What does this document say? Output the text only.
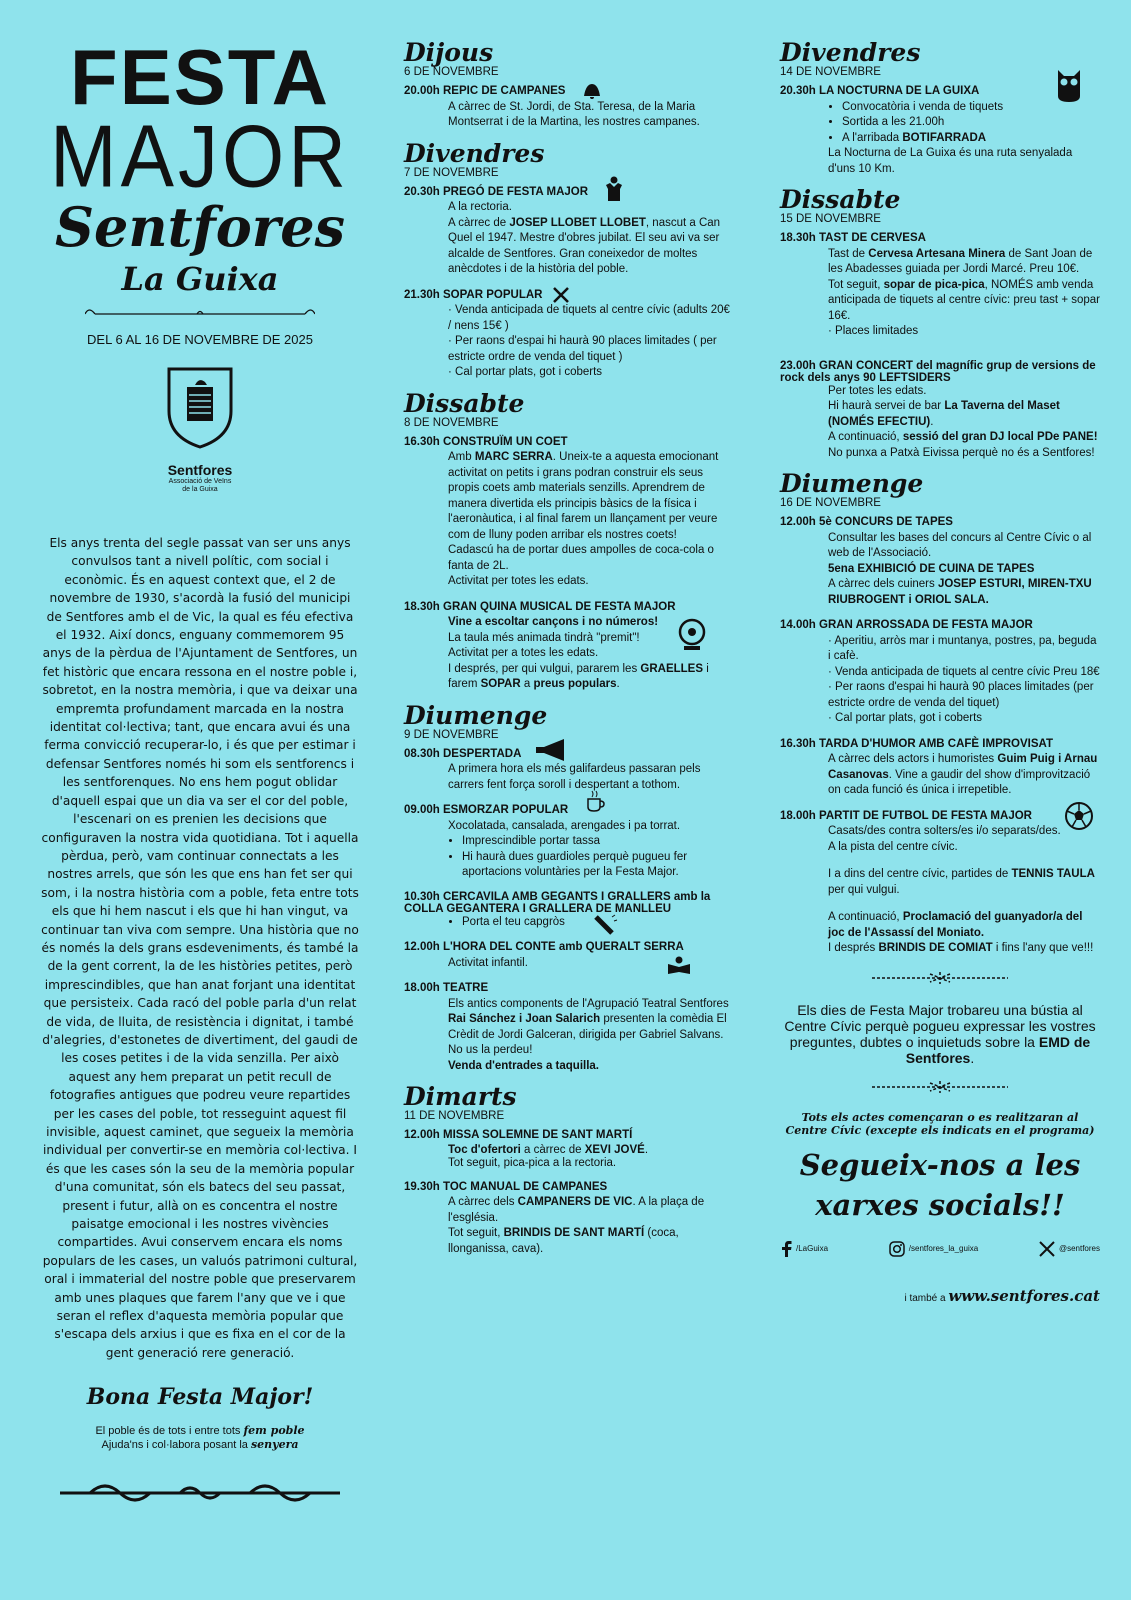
FESTA
MAJOR
Sentfores
La Guixa
DEL 6 AL 16 DE NOVEMBRE DE 2025
Sentfores
Associació de Veïns
de la Guixa
Els anys trenta del segle passat van ser uns anys convulsos tant a nivell polític, com social i econòmic. És en aquest context que, el 2 de novembre de 1930, s'acordà la fusió del municipi de Sentfores amb el de Vic, la qual es féu efectiva el 1932. Així doncs, enguany commemorem 95 anys de la pèrdua de l'Ajuntament de Sentfores, un fet històric que encara ressona en el nostre poble i, sobretot, en la nostra memòria, i que va deixar una empremta profundament marcada en la nostra identitat col·lectiva; tant, que encara avui és una ferma convicció recuperar-lo, i és que per estimar i defensar Sentfores només hi som els sentforencs i les sentforenques. No ens hem pogut oblidar d'aquell espai que un dia va ser el cor del poble, l'escenari on es prenien les decisions que configuraven la nostra vida quotidiana. Tot i aquella pèrdua, però, vam continuar connectats a les nostres arrels, que són les que ens han fet ser qui som, i la nostra història com a poble, feta entre tots els que hi hem nascut i els que hi han vingut, va continuar tan viva com sempre. Una història que no és només la dels grans esdeveniments, és també la de la gent corrent, la de les històries petites, però imprescindibles, que han anat forjant una identitat que persisteix. Cada racó del poble parla d'un relat de vida, de lluita, de resistència i dignitat, i també d'alegries, d'estonetes de divertiment, del gaudi de les coses petites i de la vida senzilla. Per això aquest any hem preparat un petit recull de fotografies antigues que podreu veure repartides per les cases del poble, tot resseguint aquest fil invisible, aquest caminet, que segueix la memòria individual per convertir-se en memòria col·lectiva. I és que les cases són la seu de la memòria popular d'una comunitat, són els batecs del seu passat, present i futur, allà on es concentra el nostre paisatge emocional i les nostres vivències compartides. Avui conservem encara els noms populars de les cases, un valuós patrimoni cultural, oral i immaterial del nostre poble que preservarem amb unes plaques que farem l'any que ve i que seran el reflex d'aquesta memòria popular que s'escapa dels arxius i que es fixa en el cor de la gent generació rere generació.
Bona Festa Major!
El poble és de tots i entre tots fem poble
Ajuda'ns i col·labora posant la senyera
Dijous
6 DE NOVEMBRE
20.00h REPIC DE CAMPANES
A càrrec de St. Jordi, de Sta. Teresa, de la Maria Montserrat i de la Martina, les nostres campanes.
Divendres
7 DE NOVEMBRE
20.30h PREGÓ DE FESTA MAJOR
A la rectoria.
A càrrec de JOSEP LLOBET LLOBET, nascut a Can Quel el 1947. Mestre d'obres jubilat. El seu avi va ser alcalde de Sentfores. Gran coneixedor de moltes anècdotes i de la història del poble.
21.30h SOPAR POPULAR
· Venda anticipada de tiquets al centre cívic (adults 20€ / nens 15€ )
· Per raons d'espai hi haurà 90 places limitades ( per estricte ordre de venda del tiquet )
· Cal portar plats, got i coberts
Dissabte
8 DE NOVEMBRE
16.30h CONSTRUÏM UN COET
Amb MARC SERRA. Uneix-te a aquesta emocionant activitat on petits i grans podran construir els seus propis coets amb materials senzills. Aprendrem de manera divertida els principis bàsics de la física i l'aeronàutica, i al final farem un llançament per veure com de lluny poden arribar els nostres coets!
Cadascú ha de portar dues ampolles de coca-cola o fanta de 2L.
Activitat per totes les edats.
18.30h GRAN QUINA MUSICAL DE FESTA MAJOR
Vine a escoltar cançons i no números!
La taula més animada tindrà "premit"!
Activitat per a totes les edats.
I després, per qui vulgui, pararem les GRAELLES i farem SOPAR a preus populars.
Diumenge
9 DE NOVEMBRE
08.30h DESPERTADA
A primera hora els més galifardeus passaran pels carrers fent força soroll i despertant a tothom.
09.00h ESMORZAR POPULAR
Xocolatada, cansalada, arengades i pa torrat.
• Imprescindible portar tassa
• Hi haurà dues guardioles perquè pugueu fer aportacions voluntàries per la Festa Major.
10.30h CERCAVILA AMB GEGANTS I GRALLERS amb la COLLA GEGANTERA I GRALLERA DE MANLLEU
• Porta el teu capgròs
12.00h L'HORA DEL CONTE amb QUERALT SERRA
Activitat infantil.
18.00h TEATRE
Els antics components de l'Agrupació Teatral Sentfores Rai Sánchez i Joan Salarich presenten la comèdia El Crèdit de Jordi Galceran, dirigida per Gabriel Salvans.
No us la perdeu!
Venda d'entrades a taquilla.
Dimarts
11 DE NOVEMBRE
12.00h MISSA SOLEMNE DE SANT MARTÍ
Toc d'ofertori a càrrec de XEVI JOVÉ.
Tot seguit, pica-pica a la rectoria.
19.30h TOC MANUAL DE CAMPANES
A càrrec dels CAMPANERS DE VIC. A la plaça de l'església.
Tot seguit, BRINDIS DE SANT MARTÍ (coca, llonganissa, cava).
Divendres
14 DE NOVEMBRE
20.30h LA NOCTURNA DE LA GUIXA
• Convocatòria i venda de tiquets
• Sortida a les 21.00h
• A l'arribada BOTIFARRADA
La Nocturna de La Guixa és una ruta senyalada d'uns 10 Km.
Dissabte
15 DE NOVEMBRE
18.30h TAST DE CERVESA
Tast de Cervesa Artesana Minera de Sant Joan de les Abadesses guiada per Jordi Marcé. Preu 10€.
Tot seguit, sopar de pica-pica, NOMÉS amb venda anticipada de tiquets al centre cívic: preu tast + sopar 16€.
· Places limitades
23.00h GRAN CONCERT del magnífic grup de versions de rock dels anys 90 LEFTSIDERS
Per totes les edats.
Hi haurà servei de bar La Taverna del Maset (NOMÉS EFECTIU).
A continuació, sessió del gran DJ local PDe PANE! No punxa a Patxà Eivissa perquè no és a Sentfores!
Diumenge
16 DE NOVEMBRE
12.00h 5è CONCURS DE TAPES
Consultar les bases del concurs al Centre Cívic o al web de l'Associació.
5ena EXHIBICIÓ DE CUINA DE TAPES
A càrrec dels cuiners JOSEP ESTURI, MIREN-TXU RIUBROGENT i ORIOL SALA.
14.00h GRAN ARROSSADA DE FESTA MAJOR
· Aperitiu, arròs mar i muntanya, postres, pa, beguda i cafè.
· Venda anticipada de tiquets al centre cívic Preu 18€
· Per raons d'espai hi haurà 90 places limitades (per estricte ordre de venda del tiquet)
· Cal portar plats, got i coberts
16.30h TARDA D'HUMOR AMB CAFÈ IMPROVISAT
A càrrec dels actors i humoristes Guim Puig i Arnau Casanovas. Vine a gaudir del show d'improvització on cada funció és única i irrepetible.
18.00h PARTIT DE FUTBOL DE FESTA MAJOR
Casats/des contra solters/es i/o separats/des.
A la pista del centre cívic.
I a dins del centre cívic, partides de TENNIS TAULA per qui vulgui.
A continuació, Proclamació del guanyador/a del joc de l'Assassí del Moniato.
I després BRINDIS DE COMIAT i fins l'any que ve!!!
Els dies de Festa Major trobareu una bústia al Centre Cívic perquè pogueu expressar les vostres preguntes, dubtes o inquietuds sobre la EMD de Sentfores.
Tots els actes començaran o es realitzaran al Centre Cívic (excepte els indicats en el programa)
Segueix-nos a les xarxes socials!!
/LaGuixa	/sentfores_la_guixa	@sentfores
i també a www.sentfores.cat
